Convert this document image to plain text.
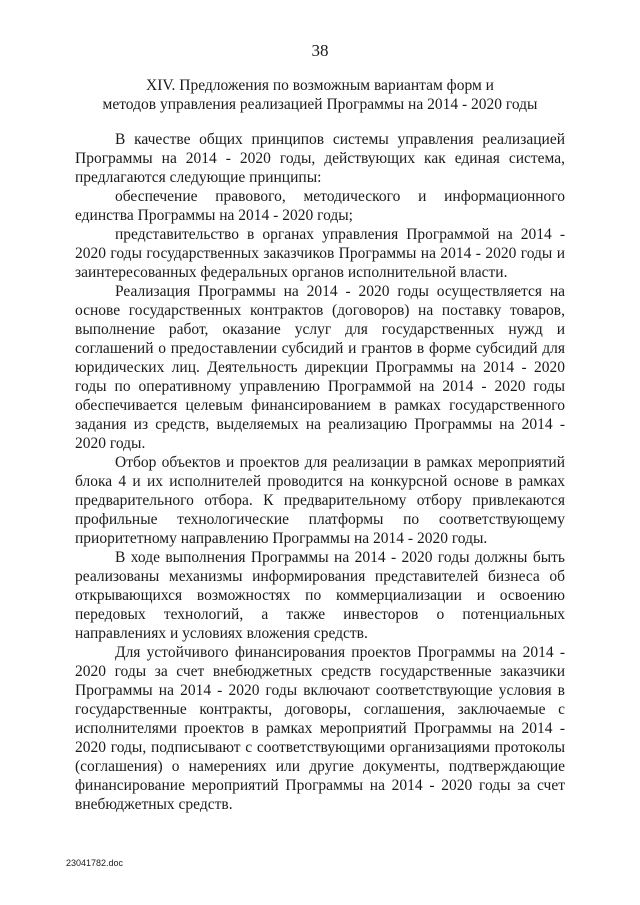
38
XIV. Предложения по возможным вариантам форм и
методов управления реализацией Программы на 2014 - 2020 годы

В качестве общих принципов системы управления реализацией Программы на 2014 - 2020 годы, действующих как единая система, предлагаются следующие принципы:

обеспечение правового, методического и информационного единства Программы на 2014 - 2020 годы;

представительство в органах управления Программой на 2014 - 2020 годы государственных заказчиков Программы на 2014 - 2020 годы и заинтересованных федеральных органов исполнительной власти.

Реализация Программы на 2014 - 2020 годы осуществляется на основе государственных контрактов (договоров) на поставку товаров, выполнение работ, оказание услуг для государственных нужд и соглашений о предоставлении субсидий и грантов в форме субсидий для юридических лиц. Деятельность дирекции Программы на 2014 - 2020 годы по оперативному управлению Программой на 2014 - 2020 годы обеспечивается целевым финансированием в рамках государственного задания из средств, выделяемых на реализацию Программы на 2014 - 2020 годы.

Отбор объектов и проектов для реализации в рамках мероприятий блока 4 и их исполнителей проводится на конкурсной основе в рамках предварительного отбора. К предварительному отбору привлекаются профильные технологические платформы по соответствующему приоритетному направлению Программы на 2014 - 2020 годы.

В ходе выполнения Программы на 2014 - 2020 годы должны быть реализованы механизмы информирования представителей бизнеса об открывающихся возможностях по коммерциализации и освоению передовых технологий, а также инвесторов о потенциальных направлениях и условиях вложения средств.

Для устойчивого финансирования проектов Программы на 2014 - 2020 годы за счет внебюджетных средств государственные заказчики Программы на 2014 - 2020 годы включают соответствующие условия в государственные контракты, договоры, соглашения, заключаемые с исполнителями проектов в рамках мероприятий Программы на 2014 - 2020 годы, подписывают с соответствующими организациями протоколы (соглашения) о намерениях или другие документы, подтверждающие финансирование мероприятий Программы на 2014 - 2020 годы за счет внебюджетных средств.

23041782.doc
